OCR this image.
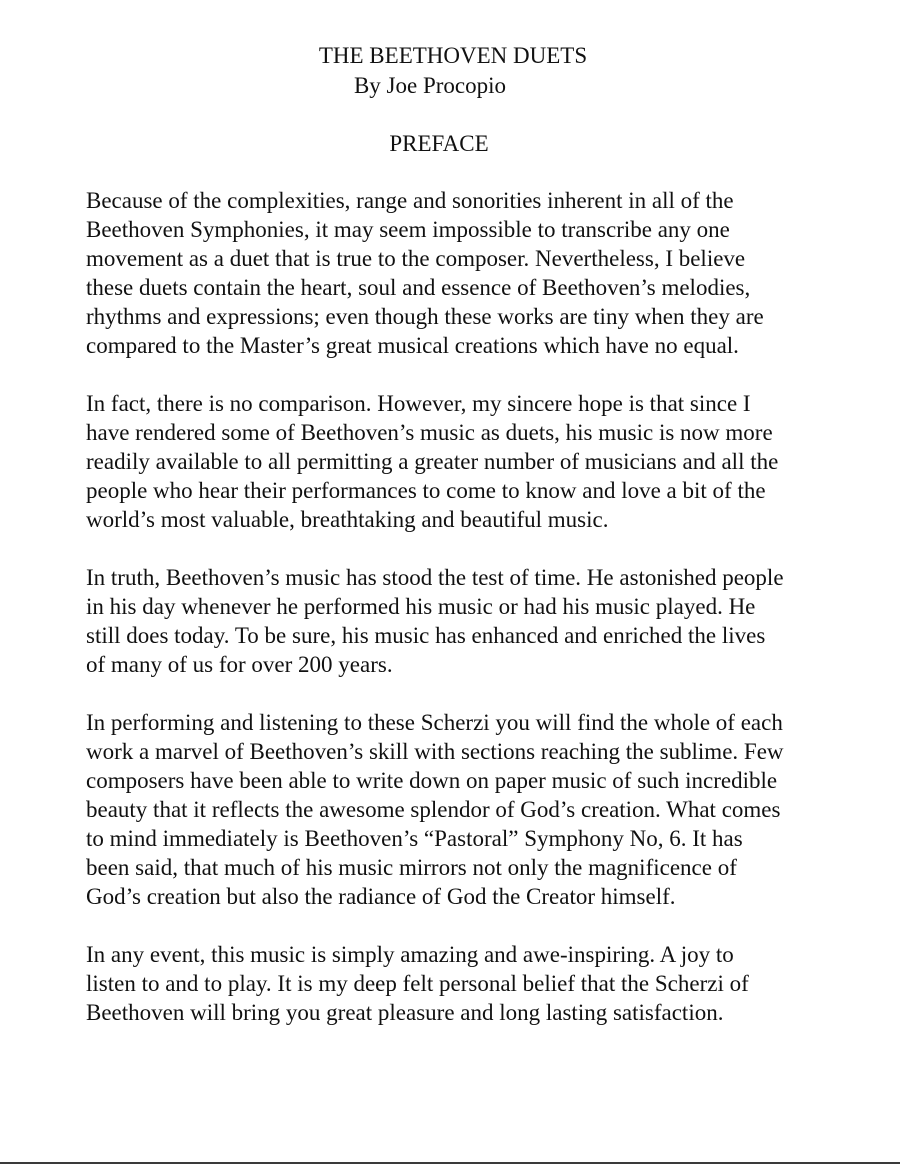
THE BEETHOVEN DUETS
By Joe Procopio
PREFACE
Because of the complexities, range and sonorities inherent in all of the
Beethoven Symphonies, it may seem impossible to transcribe any one
movement as a duet that is true to the composer. Nevertheless, I believe
these duets contain the heart, soul and essence of Beethoven’s melodies,
rhythms and expressions; even though these works are tiny when they are
compared to the Master’s great musical creations which have no equal.
In fact, there is no comparison. However, my sincere hope is that since I
have rendered some of Beethoven’s music as duets, his music is now more
readily available to all permitting a greater number of musicians and all the
people who hear their performances to come to know and love a bit of the
world’s most valuable, breathtaking and beautiful music.
In truth, Beethoven’s music has stood the test of time. He astonished people
in his day whenever he performed his music or had his music played. He
still does today. To be sure, his music has enhanced and enriched the lives
of many of us for over 200 years.
In performing and listening to these Scherzi you will find the whole of each
work a marvel of Beethoven’s skill with sections reaching the sublime. Few
composers have been able to write down on paper music of such incredible
beauty that it reflects the awesome splendor of God’s creation. What comes
to mind immediately is Beethoven’s “Pastoral” Symphony No, 6. It has
been said, that much of his music mirrors not only the magnificence of
God’s creation but also the radiance of God the Creator himself.
In any event, this music is simply amazing and awe-inspiring. A joy to
listen to and to play. It is my deep felt personal belief that the Scherzi of
Beethoven will bring you great pleasure and long lasting satisfaction.
